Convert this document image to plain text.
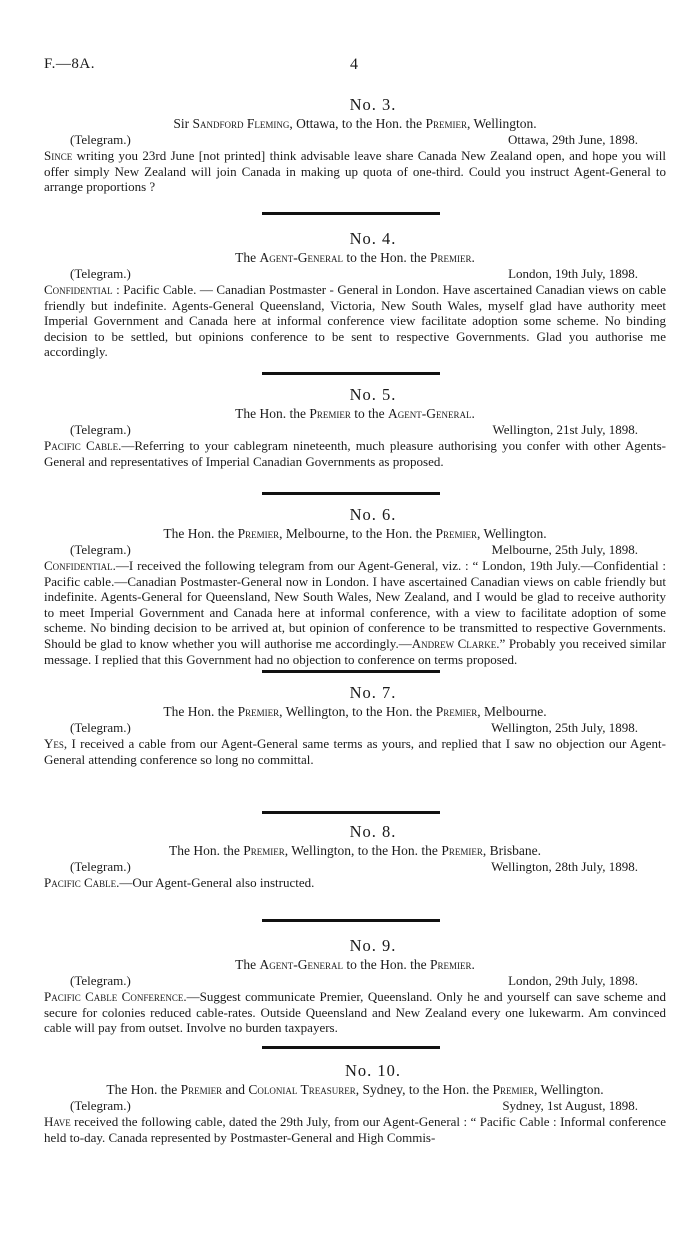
F.—8A.	4
No. 3.
Sir Sandford Fleming, Ottawa, to the Hon. the Premier, Wellington.
(Telegram.)	Ottawa, 29th June, 1898.
Since writing you 23rd June [not printed] think advisable leave share Canada New Zealand open, and hope you will offer simply New Zealand will join Canada in making up quota of one-third. Could you instruct Agent-General to arrange proportions ?
No. 4.
The Agent-General to the Hon. the Premier.
(Telegram.)	London, 19th July, 1898.
Confidential : Pacific Cable. — Canadian Postmaster - General in London. Have ascertained Canadian views on cable friendly but indefinite. Agents-General Queensland, Victoria, New South Wales, myself glad have authority meet Imperial Government and Canada here at informal conference view facilitate adoption some scheme. No binding decision to be settled, but opinions conference to be sent to respective Governments. Glad you authorise me accordingly.
No. 5.
The Hon. the Premier to the Agent-General.
(Telegram.)	Wellington, 21st July, 1898.
Pacific Cable.—Referring to your cablegram nineteenth, much pleasure authorising you confer with other Agents-General and representatives of Imperial Canadian Governments as proposed.
No. 6.
The Hon. the Premier, Melbourne, to the Hon. the Premier, Wellington.
(Telegram.)	Melbourne, 25th July, 1898.
Confidential.—I received the following telegram from our Agent-General, viz. : “ London, 19th July.—Confidential : Pacific cable.—Canadian Postmaster-General now in London. I have ascertained Canadian views on cable friendly but indefinite. Agents-General for Queensland, New South Wales, New Zealand, and I would be glad to receive authority to meet Imperial Government and Canada here at informal conference, with a view to facilitate adoption of some scheme. No binding decision to be arrived at, but opinion of conference to be transmitted to respective Governments. Should be glad to know whether you will authorise me accordingly.—Andrew Clarke.” Probably you received similar message. I replied that this Government had no objection to conference on terms proposed.
No. 7.
The Hon. the Premier, Wellington, to the Hon. the Premier, Melbourne.
(Telegram.)	Wellington, 25th July, 1898.
Yes, I received a cable from our Agent-General same terms as yours, and replied that I saw no objection our Agent-General attending conference so long no committal.
No. 8.
The Hon. the Premier, Wellington, to the Hon. the Premier, Brisbane.
(Telegram.)	Wellington, 28th July, 1898.
Pacific Cable.—Our Agent-General also instructed.
No. 9.
The Agent-General to the Hon. the Premier.
(Telegram.)	London, 29th July, 1898.
Pacific Cable Conference.—Suggest communicate Premier, Queensland. Only he and yourself can save scheme and secure for colonies reduced cable-rates. Outside Queensland and New Zealand every one lukewarm. Am convinced cable will pay from outset. Involve no burden taxpayers.
No. 10.
The Hon. the Premier and Colonial Treasurer, Sydney, to the Hon. the Premier, Wellington.
(Telegram.)	Sydney, 1st August, 1898.
Have received the following cable, dated the 29th July, from our Agent-General : “ Pacific Cable : Informal conference held to-day. Canada represented by Postmaster-General and High Commis-
